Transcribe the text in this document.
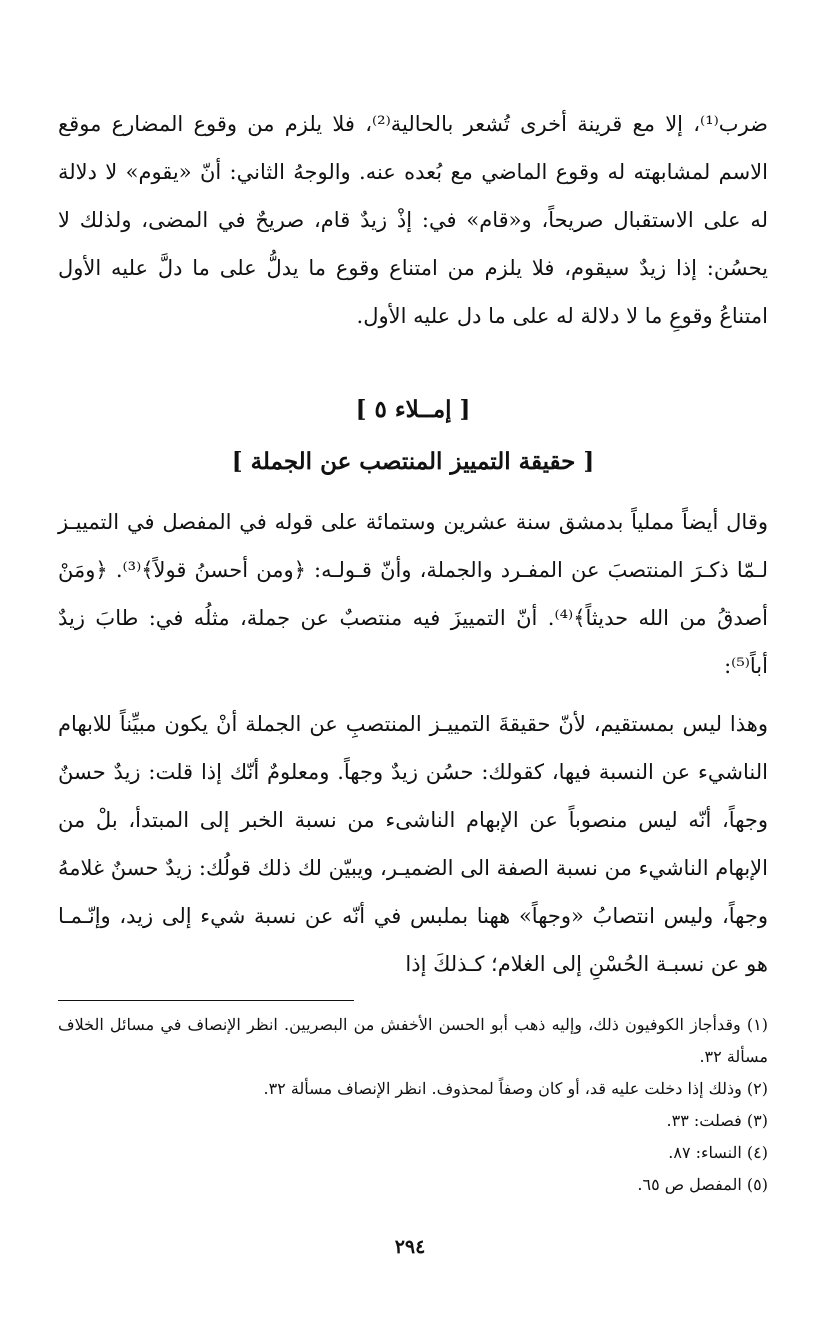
ضرب⁽¹⁾، إلا مع قرينة أخرى تُشعر بالحالية⁽²⁾، فلا يلزم من وقوع المضارع موقع الاسم لمشابهته له وقوع الماضي مع بُعده عنه. والوجهُ الثاني: أنّ «يقوم» لا دلالة له على الاستقبال صريحاً، و«قام» في: إذْ زيدٌ قام، صريحٌ في المضى، ولذلك لا يحسُن: إذا زيدٌ سيقوم، فلا يلزم من امتناع وقوع ما يدلُّ على ما دلَّ عليه الأول امتناعُ وقوعِ ما لا دلالة له على ما دل عليه الأول.

[ إمــلاء ٥ ]
[ حقيقة التمييز المنتصب عن الجملة ]

وقال أيضاً مملياً بدمشق سنة عشرين وستمائة على قوله في المفصل في التمييـز لـمّا ذكـرَ المنتصبَ عن المفـرد والجملة، وأنّ قـولـه: ﴿ومن أحسنُ قولاً﴾⁽³⁾. ﴿ومَنْ أصدقُ من الله حديثاً﴾⁽⁴⁾. أنّ التمييزَ فيه منتصبٌ عن جملة، مثلُه في: طابَ زيدٌ أباً⁽⁵⁾:

وهذا ليس بمستقيم، لأنّ حقيقةَ التمييـز المنتصبِ عن الجملة أنْ يكون مبيِّناً للابهام الناشيء عن النسبة فيها، كقولك: حسُن زيدٌ وجهاً. ومعلومٌ أنّك إذا قلت: زيدٌ حسنٌ وجهاً، أنّه ليس منصوباً عن الإبهام الناشىء من نسبة الخبر إلى المبتدأ، بلْ من الإبهام الناشيء من نسبة الصفة الى الضميـر، ويبيّن لك ذلك قولُك: زيدٌ حسنٌ غلامهُ وجهاً، وليس انتصابُ «وجهاً» ههنا بملبس في أنّه عن نسبة شيء إلى زيد، وإنّـمـا هو عن نسبـة الحُسْنِ إلى الغلام؛ كـذلكَ إذا

(١) وقدأجاز الكوفيون ذلك، وإليه ذهب أبو الحسن الأخفش من البصريين. انظر الإنصاف في مسائل الخلاف مسألة ٣٢.
(٢) وذلك إذا دخلت عليه قد، أو كان وصفاً لمحذوف. انظر الإنصاف مسألة ٣٢.
(٣) فصلت: ٣٣.
(٤) النساء: ٨٧.
(٥) المفصل ص ٦٥.
٢٩٤
